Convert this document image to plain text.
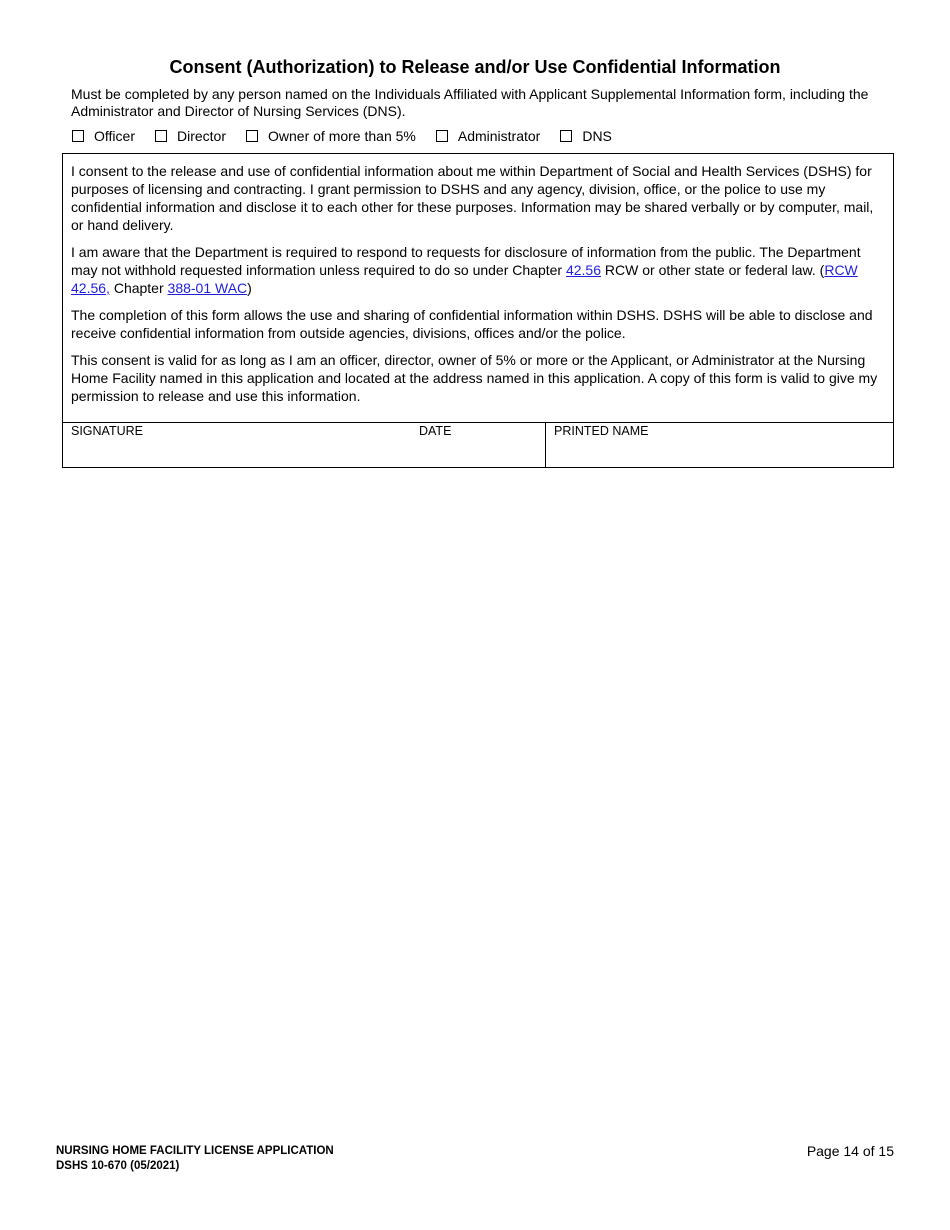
Consent (Authorization) to Release and/or Use Confidential Information
Must be completed by any person named on the Individuals Affiliated with Applicant Supplemental Information form, including the Administrator and Director of Nursing Services (DNS).
Officer	Director	Owner of more than 5%	Administrator	DNS

I consent to the release and use of confidential information about me within Department of Social and Health Services (DSHS) for purposes of licensing and contracting. I grant permission to DSHS and any agency, division, office, or the police to use my confidential information and disclose it to each other for these purposes. Information may be shared verbally or by computer, mail, or hand delivery.

I am aware that the Department is required to respond to requests for disclosure of information from the public. The Department may not withhold requested information unless required to do so under Chapter 42.56 RCW or other state or federal law. (RCW 42.56, Chapter 388-01 WAC)

The completion of this form allows the use and sharing of confidential information within DSHS. DSHS will be able to disclose and receive confidential information from outside agencies, divisions, offices and/or the police.

This consent is valid for as long as I am an officer, director, owner of 5% or more or the Applicant, or Administrator at the Nursing Home Facility named in this application and located at the address named in this application. A copy of this form is valid to give my permission to release and use this information.

SIGNATURE	DATE	PRINTED NAME
NURSING HOME FACILITY LICENSE APPLICATION
DSHS 10-670 (05/2021)
Page 14 of 15
